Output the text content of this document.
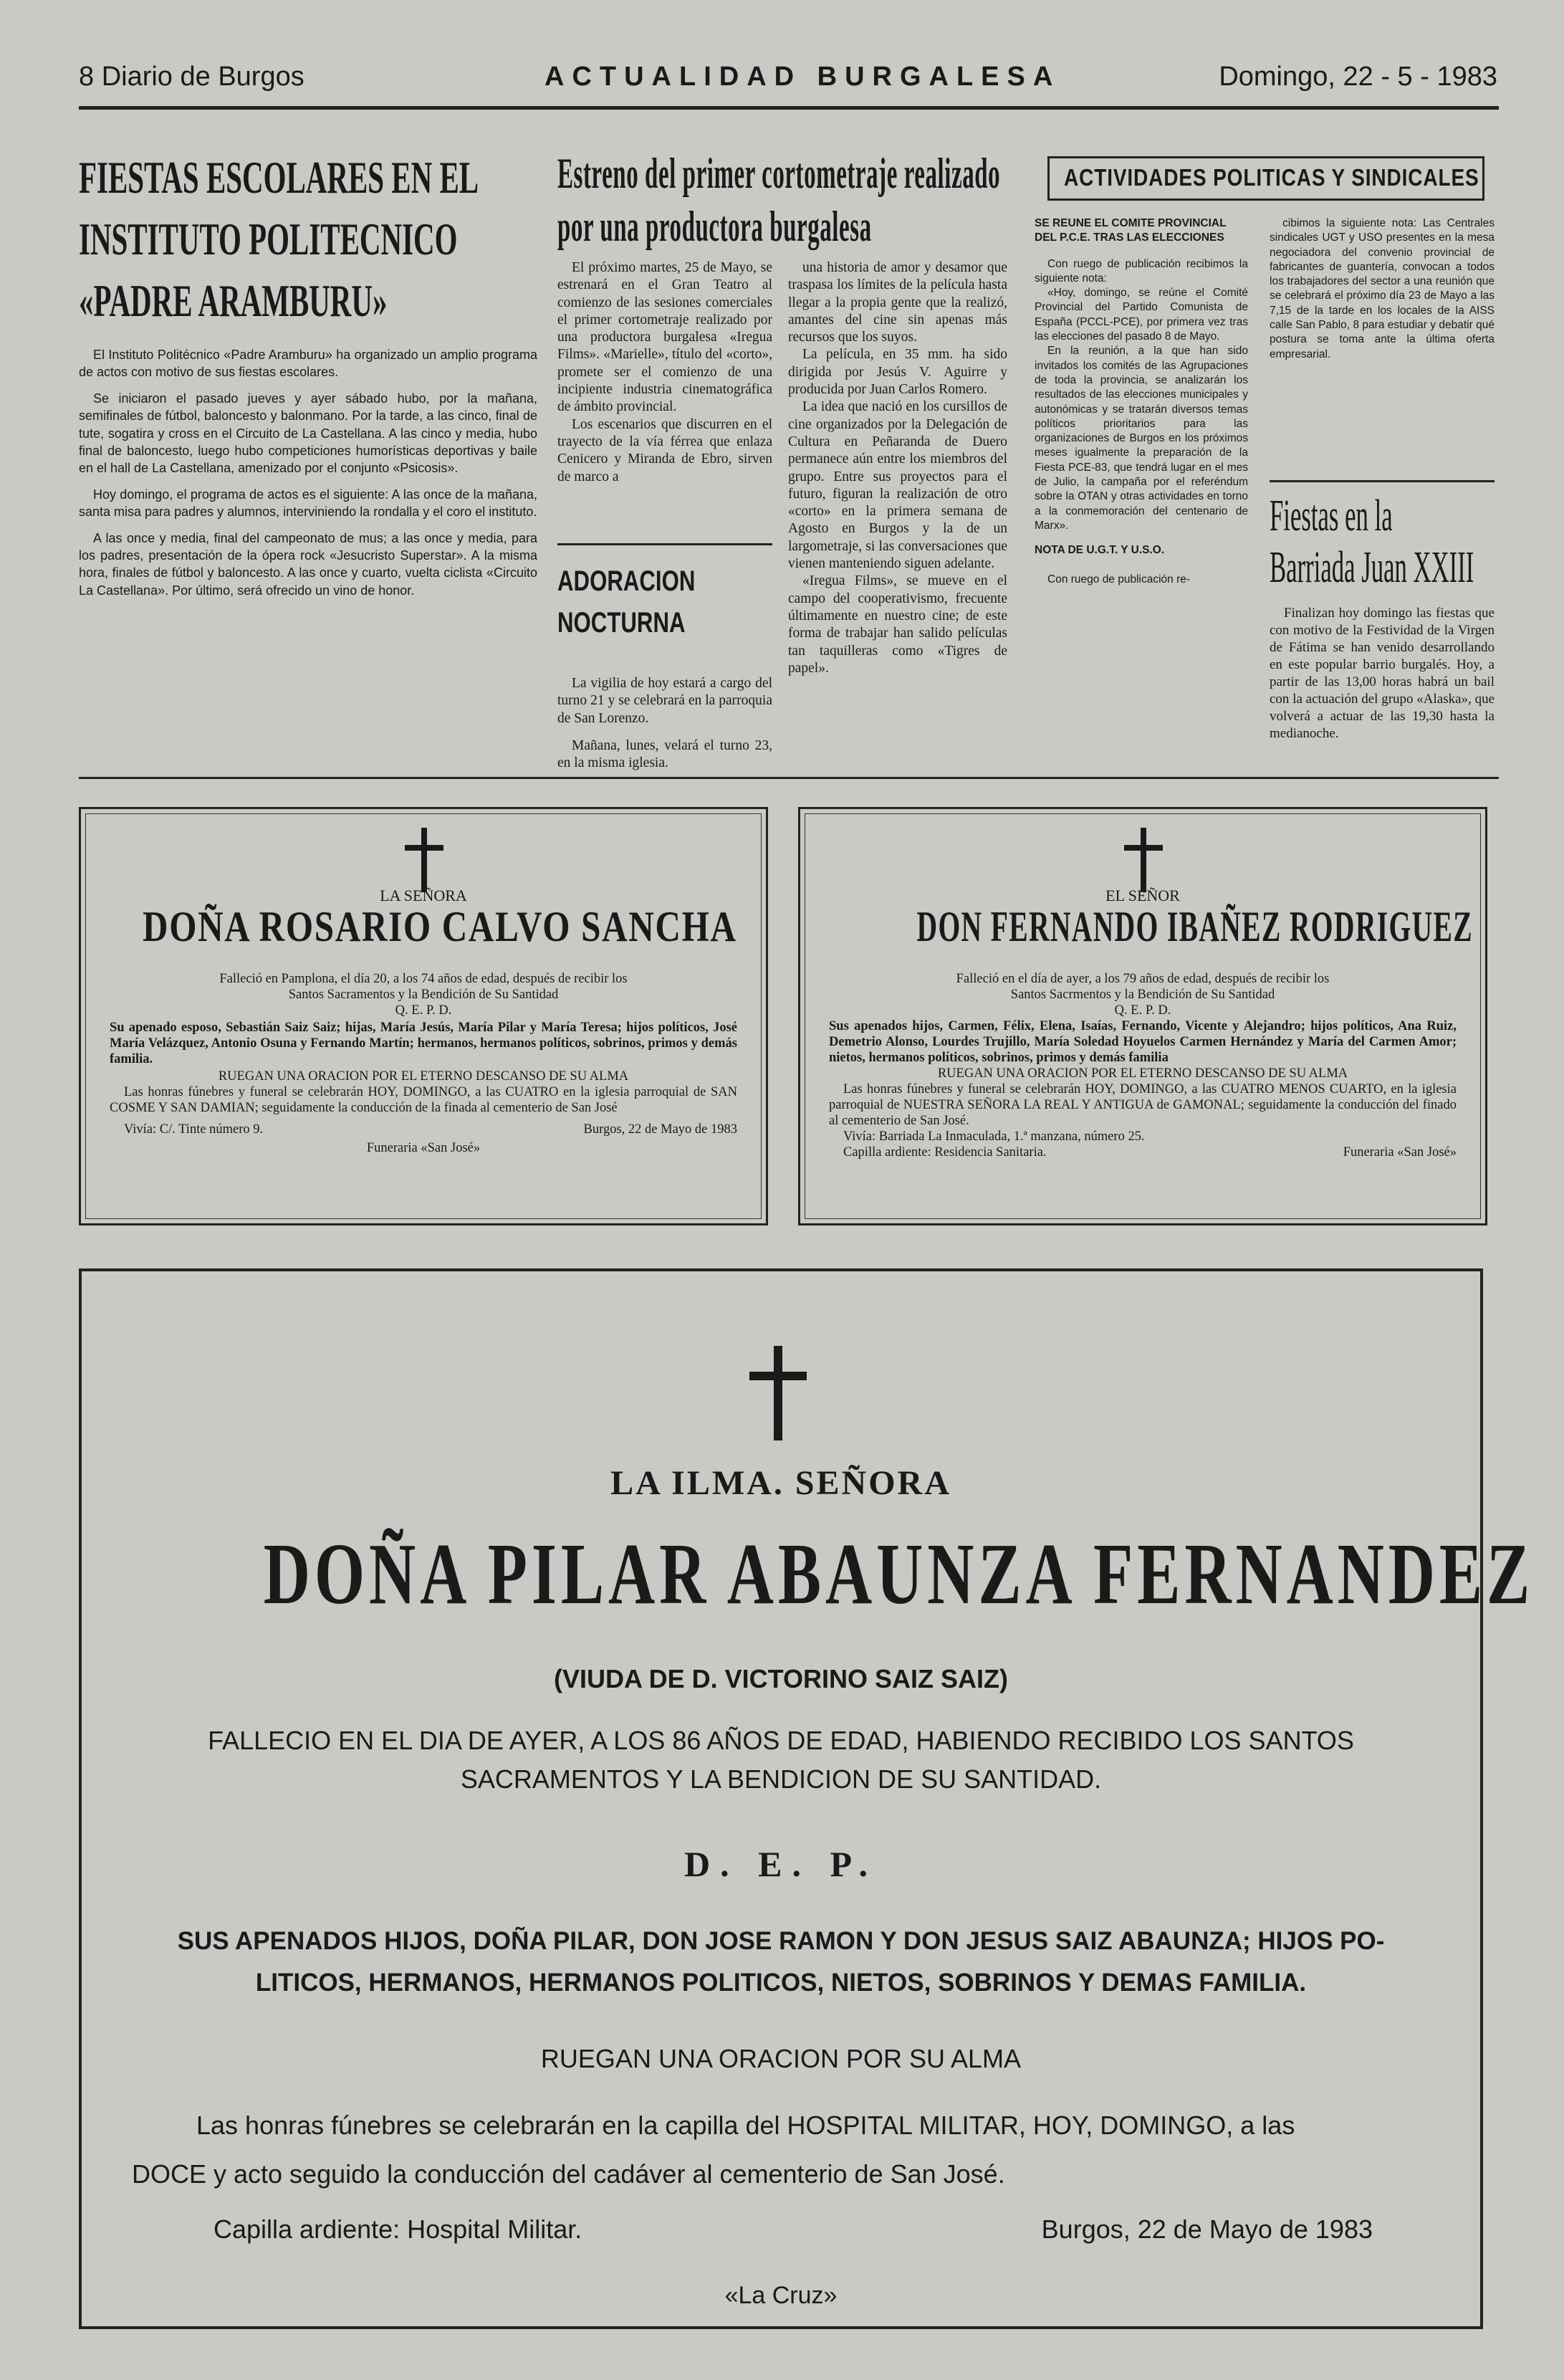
8 Diario de Burgos	ACTUALIDAD BURGALESA	Domingo, 22 - 5 - 1983
FIESTAS ESCOLARES EN EL
INSTITUTO POLITECNICO
«PADRE ARAMBURU»

El Instituto Politécnico «Padre Aramburu» ha organizado un amplio programa de actos con motivo de sus fiestas escolares.

Se iniciaron el pasado jueves y ayer sábado hubo, por la mañana, semifinales de fútbol, baloncesto y balonmano. Por la tarde, a las cinco, final de tute, sogatira y cross en el Circuito de La Castellana. A las cinco y media, hubo final de baloncesto, luego hubo competiciones humorísticas deportivas y baile en el hall de La Castellana, amenizado por el conjunto «Psicosis».

Hoy domingo, el programa de actos es el siguiente: A las once de la mañana, santa misa para padres y alumnos, interviniendo la rondalla y el coro el instituto.

A las once y media, final del campeonato de mus; a las once y media, para los padres, presentación de la ópera rock «Jesucristo Superstar». A la misma hora, finales de fútbol y baloncesto. A las once y cuarto, vuelta ciclista «Circuito La Castellana». Por último, será ofrecido un vino de honor.

Estreno del primer cortometraje realizado
por una productora burgalesa

El próximo martes, 25 de Mayo, se estrenará en el Gran Teatro al comienzo de las sesiones comerciales el primer cortometraje realizado por una productora burgalesa «Iregua Films». «Marielle», título del «corto», promete ser el comienzo de una incipiente industria cinematográfica de ámbito provincial.

Los escenarios que discurren en el trayecto de la vía férrea que enlaza Cenicero y Miranda de Ebro, sirven de marco a

una historia de amor y desamor que traspasa los límites de la película hasta llegar a la propia gente que la realizó, amantes del cine sin apenas más recursos que los suyos.

La película, en 35 mm. ha sido dirigida por Jesús V. Aguirre y producida por Juan Carlos Romero.

La idea que nació en los cursillos de cine organizados por la Delegación de Cultura en Peñaranda de Duero permanece aún entre los miembros del grupo. Entre sus proyectos para el futuro, figuran la realización de otro «corto» en la primera semana de Agosto en Burgos y la de un largometraje, si las conversaciones que vienen manteniendo siguen adelante.

«Iregua Films», se mueve en el campo del cooperativismo, frecuente últimamente en nuestro cine; de este forma de trabajar han salido películas tan taquilleras como «Tigres de papel».

ADORACION
NOCTURNA

La vigilia de hoy estará a cargo del turno 21 y se celebrará en la parroquia de San Lorenzo.

Mañana, lunes, velará el turno 23, en la misma iglesia.

ACTIVIDADES POLITICAS Y SINDICALES
SE REUNE EL COMITE PROVINCIAL DEL P.C.E. TRAS LAS ELECCIONES

Con ruego de publicación recibimos la siguiente nota:

«Hoy, domingo, se reúne el Comité Provincial del Partido Comunista de España (PCCL-PCE), por primera vez tras las elecciones del pasado 8 de Mayo.

En la reunión, a la que han sido invitados los comités de las Agrupaciones de toda la provincia, se analizarán los resultados de las elecciones municipales y autonómicas y se tratarán diversos temas políticos prioritarios para las organizaciones de Burgos en los próximos meses igualmente la preparación de la Fiesta PCE-83, que tendrá lugar en el mes de Julio, la campaña por el referéndum sobre la OTAN y otras actividades en torno a la conmemoración del centenario de Marx».

NOTA DE U.G.T. Y U.S.O.

Con ruego de publicación re-

cibimos la siguiente nota: Las Centrales sindicales UGT y USO presentes en la mesa negociadora del convenio provincial de fabricantes de guantería, convocan a todos los trabajadores del sector a una reunión que se celebrará el próximo día 23 de Mayo a las 7,15 de la tarde en los locales de la AISS calle San Pablo, 8 para estudiar y debatir qué postura se toma ante la última oferta empresarial.

Fiestas en la
Barriada Juan XXIII

Finalizan hoy domingo las fiestas que con motivo de la Festividad de la Virgen de Fátima se han venido desarrollando en este popular barrio burgalés. Hoy, a partir de las 13,00 horas habrá un bail con la actuación del grupo «Alaska», que volverá a actuar de las 19,30 hasta la medianoche.

LA SEÑORA
DOÑA ROSARIO CALVO SANCHA

Falleció en Pamplona, el día 20, a los 74 años de edad, después de recibir los

Santos Sacramentos y la Bendición de Su Santidad

Q. E. P. D.

Su apenado esposo, Sebastián Saiz Saiz; hijas, María Jesús, María Pilar y María Teresa; hijos políticos, José María Velázquez, Antonio Osuna y Fernando Martín; hermanos, hermanos políticos, sobrinos, primos y demás familia.

RUEGAN UNA ORACION POR EL ETERNO DESCANSO DE SU ALMA

Las honras fúnebres y funeral se celebrarán HOY, DOMINGO, a las CUATRO en la iglesia parroquial de SAN COSME Y SAN DAMIAN; seguidamente la conducción de la finada al cementerio de San José

Vivía: C/. Tinte número 9.	Burgos, 22 de Mayo de 1983

Funeraria «San José»

EL SEÑOR
DON FERNANDO IBAÑEZ RODRIGUEZ

Falleció en el día de ayer, a los 79 años de edad, después de recibir los

Santos Sacrmentos y la Bendición de Su Santidad

Q. E. P. D.

Sus apenados hijos, Carmen, Félix, Elena, Isaías, Fernando, Vicente y Alejandro; hijos políticos, Ana Ruiz, Demetrio Alonso, Lourdes Trujillo, María Soledad Hoyuelos Carmen Hernández y María del Carmen Amor; nietos, hermanos políticos, sobrinos, primos y demás familia

RUEGAN UNA ORACION POR EL ETERNO DESCANSO DE SU ALMA

Las honras fúnebres y funeral se celebrarán HOY, DOMINGO, a las CUATRO MENOS CUARTO, en la iglesia parroquial de NUESTRA SEÑORA LA REAL Y ANTIGUA de GAMONAL; seguidamente la conducción del finado al cementerio de San José.

Vivía: Barriada La Inmaculada, 1.ª manzana, número 25.

Capilla ardiente: Residencia Sanitaria.	Funeraria «San José»
LA ILMA. SEÑORA
DOÑA PILAR ABAUNZA FERNANDEZ
(VIUDA DE D. VICTORINO SAIZ SAIZ)
FALLECIO EN EL DIA DE AYER, A LOS 86 AÑOS DE EDAD, HABIENDO RECIBIDO LOS SANTOS
SACRAMENTOS Y LA BENDICION DE SU SANTIDAD.
D. E. P.
SUS APENADOS HIJOS, DOÑA PILAR, DON JOSE RAMON Y DON JESUS SAIZ ABAUNZA; HIJOS PO-
LITICOS, HERMANOS, HERMANOS POLITICOS, NIETOS, SOBRINOS Y DEMAS FAMILIA.
RUEGAN UNA ORACION POR SU ALMA
Las honras fúnebres se celebrarán en la capilla del HOSPITAL MILITAR, HOY, DOMINGO, a las
DOCE y acto seguido la conducción del cadáver al cementerio de San José.
Capilla ardiente: Hospital Militar.	Burgos, 22 de Mayo de 1983
«La Cruz»
